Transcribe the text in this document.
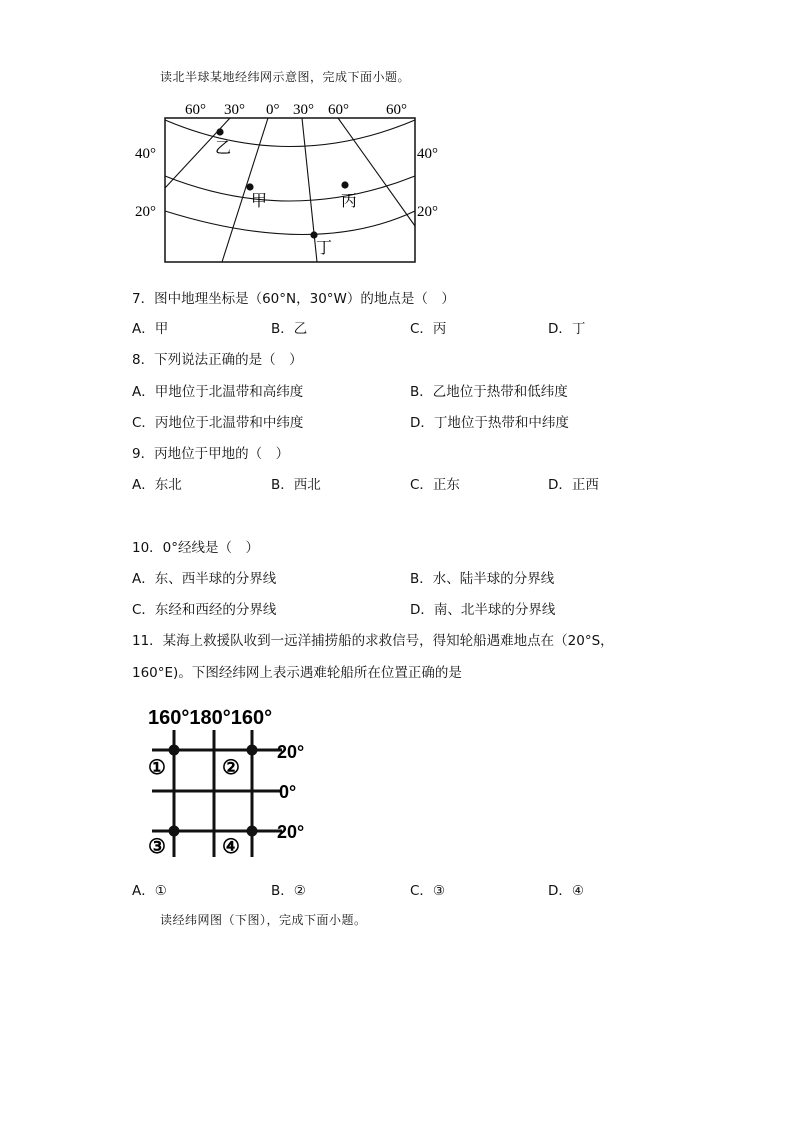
读北半球某地经纬网示意图，完成下面小题。
60° 30° 0° 30° 60° 60°
40°
20°
40°
20°
乙
甲	丙
丁
7．图中地理坐标是（60°N，30°W）的地点是（　）
A．甲	B．乙	C．丙	D．丁
8．下列说法正确的是（　）
A．甲地位于北温带和高纬度	B．乙地位于热带和低纬度
C．丙地位于北温带和中纬度	D．丁地位于热带和中纬度
9．丙地位于甲地的（　）
A．东北	B．西北	C．正东	D．正西
10．0°经线是（　）
A．东、西半球的分界线	B．水、陆半球的分界线
C．东经和西经的分界线	D．南、北半球的分界线
11．某海上救援队收到一远洋捕捞船的求救信号，得知轮船遇难地点在（20°S，
160°E)。下图经纬网上表示遇难轮船所在位置正确的是
160°180°160°
20°
0°
20°
①	②
③	④
A．①	B．②	C．③	D．④
读经纬网图（下图），完成下面小题。
